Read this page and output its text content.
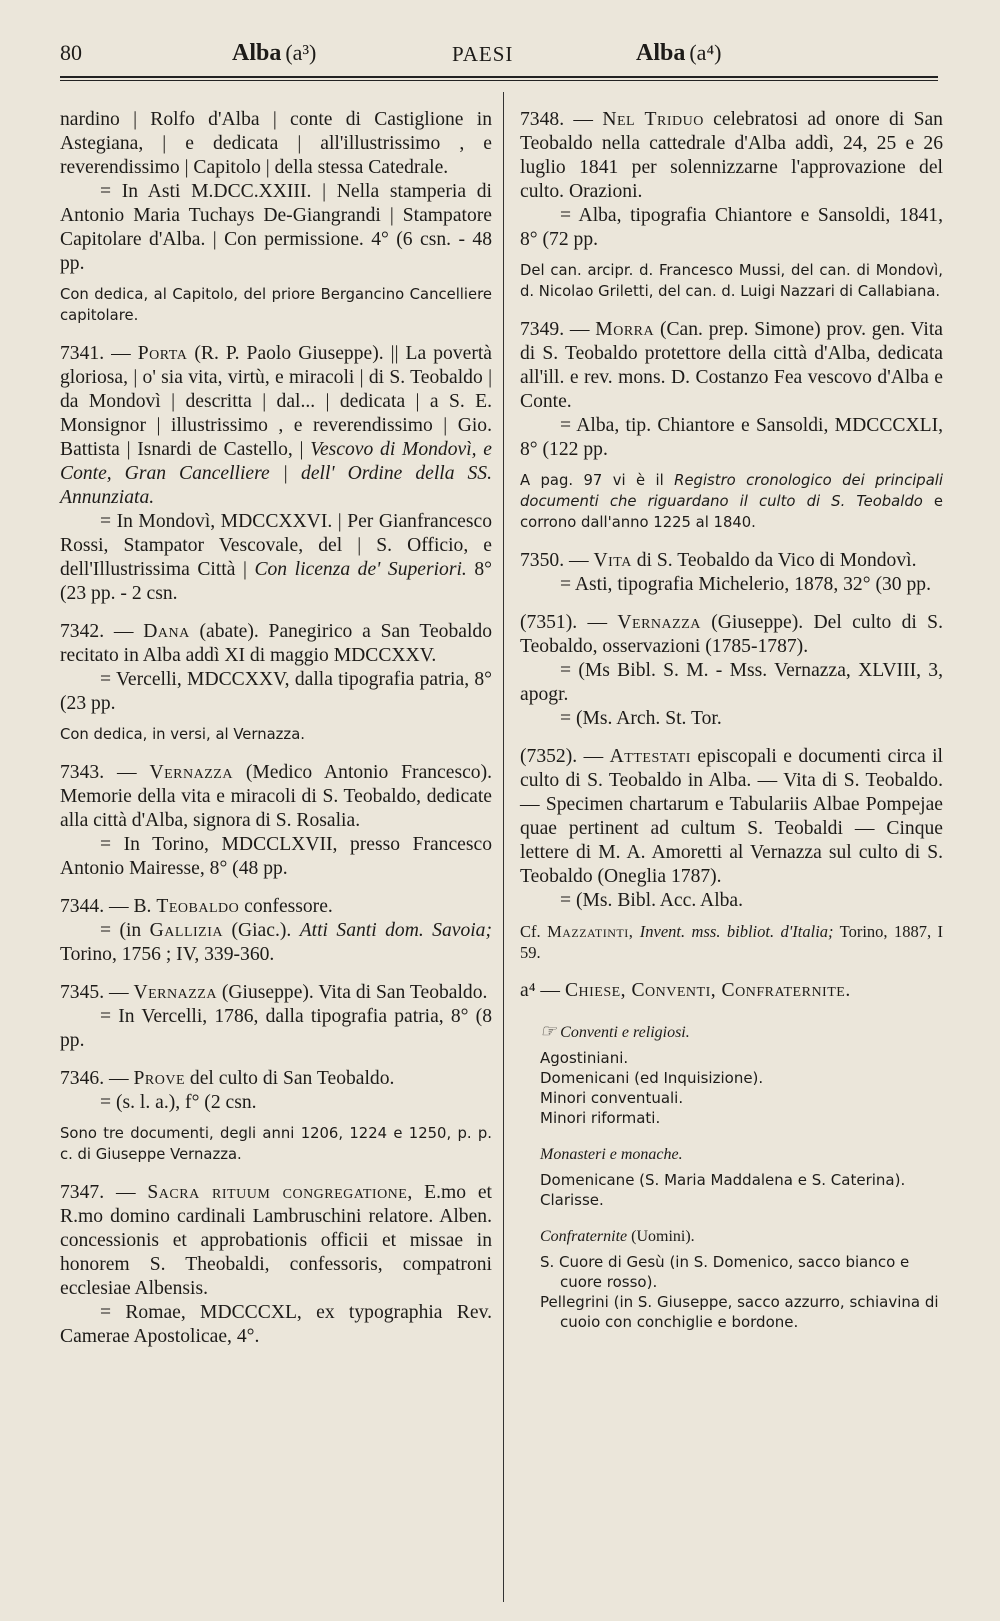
80	Alba (a³)	PAESI	Alba (a⁴)

nardino | Rolfo d'Alba | conte di Castiglione in Astegiana, | e dedicata | all'illustrissimo , e reverendissimo | Capitolo | della stessa Catedrale.

= In Asti M.DCC.XXIII. | Nella stamperia di Antonio Maria Tuchays De-Giangrandi | Stampatore Capitolare d'Alba. | Con permissione. 4° (6 csn. - 48 pp.

Con dedica, al Capitolo, del priore Bergancino Cancelliere capitolare.

7341. — Porta (R. P. Paolo Giuseppe). || La povertà gloriosa, | o' sia vita, virtù, e miracoli | di S. Teobaldo | da Mondovì | descritta | dal... | dedicata | a S. E. Monsignor | illustrissimo , e reverendissimo | Gio. Battista | Isnardi de Castello, | Vescovo di Mondovì, e Conte, Gran Cancelliere | dell' Ordine della SS. Annunziata.

= In Mondovì, MDCCXXVI. | Per Gianfrancesco Rossi, Stampator Vescovale, del | S. Officio, e dell'Illustrissima Città | Con licenza de' Superiori. 8° (23 pp. - 2 csn.

7342. — Dana (abate). Panegirico a San Teobaldo recitato in Alba addì XI di maggio MDCCXXV.

= Vercelli, MDCCXXV, dalla tipografia patria, 8° (23 pp.

Con dedica, in versi, al Vernazza.

7343. — Vernazza (Medico Antonio Francesco). Memorie della vita e miracoli di S. Teobaldo, dedicate alla città d'Alba, signora di S. Rosalia.

= In Torino, MDCCLXVII, presso Francesco Antonio Mairesse, 8° (48 pp.

7344. — B. Teobaldo confessore.

= (in Gallizia (Giac.). Atti Santi dom. Savoia; Torino, 1756 ; IV, 339-360.

7345. — Vernazza (Giuseppe). Vita di San Teobaldo.

= In Vercelli, 1786, dalla tipografia patria, 8° (8 pp.

7346. — Prove del culto di San Teobaldo.

= (s. l. a.), f° (2 csn.

Sono tre documenti, degli anni 1206, 1224 e 1250, p. p. c. di Giuseppe Vernazza.

7347. — Sacra rituum congregatione, E.mo et R.mo domino cardinali Lambruschini relatore. Alben. concessionis et approbationis officii et missae in honorem S. Theobaldi, confessoris, compatroni ecclesiae Albensis.

= Romae, MDCCCXL, ex typographia Rev. Camerae Apostolicae, 4°.

7348. — Nel Triduo celebratosi ad onore di San Teobaldo nella cattedrale d'Alba addì, 24, 25 e 26 luglio 1841 per solennizzarne l'approvazione del culto. Orazioni.

= Alba, tipografia Chiantore e Sansoldi, 1841, 8° (72 pp.

Del can. arcipr. d. Francesco Mussi, del can. di Mondovì, d. Nicolao Griletti, del can. d. Luigi Nazzari di Callabiana.

7349. — Morra (Can. prep. Simone) prov. gen. Vita di S. Teobaldo protettore della città d'Alba, dedicata all'ill. e rev. mons. D. Costanzo Fea vescovo d'Alba e Conte.

= Alba, tip. Chiantore e Sansoldi, MDCCCXLI, 8° (122 pp.

A pag. 97 vi è il Registro cronologico dei principali documenti che riguardano il culto di S. Teobaldo e corrono dall'anno 1225 al 1840.

7350. — Vita di S. Teobaldo da Vico di Mondovì.

= Asti, tipografia Michelerio, 1878, 32° (30 pp.

(7351). — Vernazza (Giuseppe). Del culto di S. Teobaldo, osservazioni (1785-1787).

= (Ms Bibl. S. M. - Mss. Vernazza, XLVIII, 3, apogr.

= (Ms. Arch. St. Tor.

(7352). — Attestati episcopali e documenti circa il culto di S. Teobaldo in Alba. — Vita di S. Teobaldo. — Specimen chartarum e Tabulariis Albae Pompejae quae pertinent ad cultum S. Teobaldi — Cinque lettere di M. A. Amoretti al Vernazza sul culto di S. Teobaldo (Oneglia 1787).

= (Ms. Bibl. Acc. Alba.

Cf. Mazzatinti, Invent. mss. bibliot. d'Italia; Torino, 1887, I 59.
a⁴ — Chiese, Conventi, Confraternite.
☞ Conventi e religiosi.
Agostiniani.
Domenicani (ed Inquisizione).
Minori conventuali.
Minori riformati.
Monasteri e monache.
Domenicane (S. Maria Maddalena e S. Caterina).
Clarisse.
Confraternite (Uomini).
S. Cuore di Gesù (in S. Domenico, sacco bianco e cuore rosso).
Pellegrini (in S. Giuseppe, sacco azzurro, schiavina di cuoio con conchiglie e bordone.
